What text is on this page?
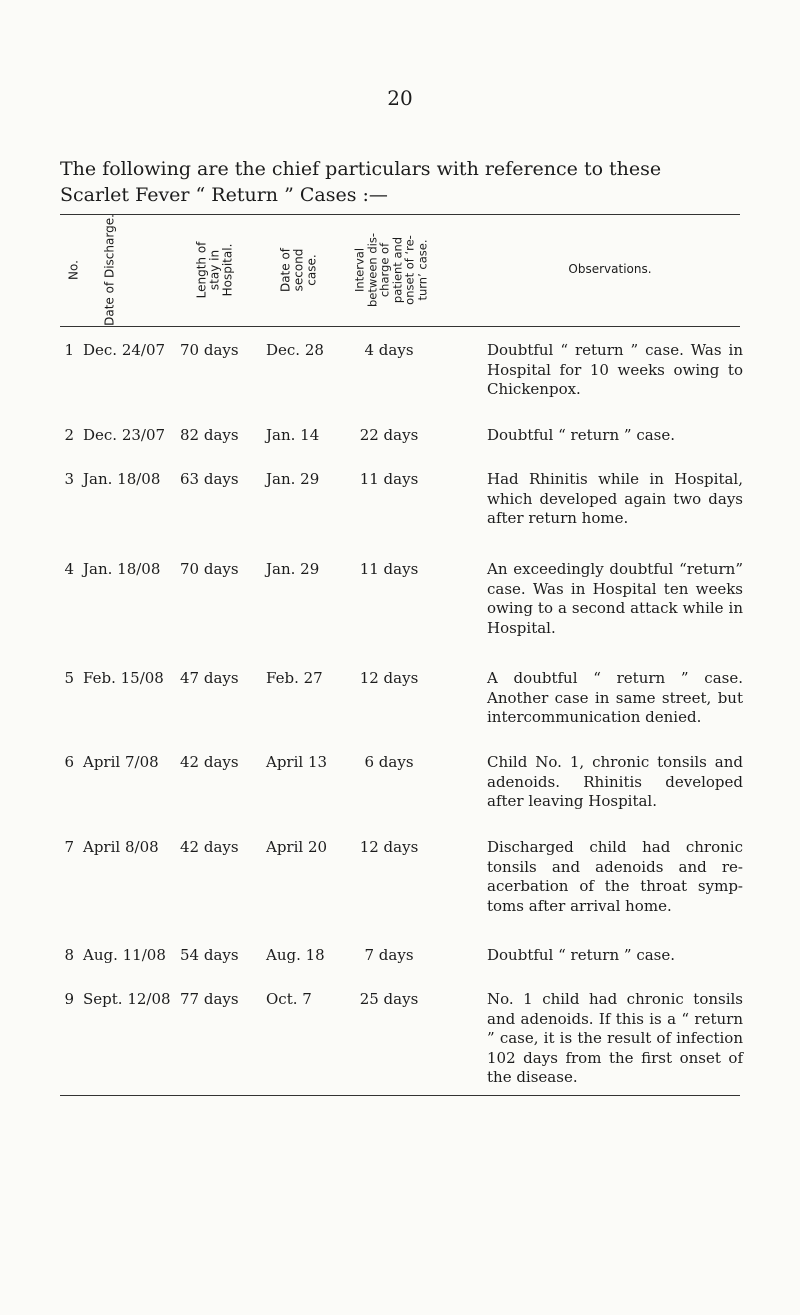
20
The following are the chief particulars with reference to these
Scarlet Fever “ Return ” Cases :—
No. Date of Discharge.	Length of stay in Hospital.	Date of second case.	Interval
between dis-
charge of
patient and
onset of ‘re-
turn’ case.	Observations.
1 Dec. 24/07 70 days Dec. 28	4 days	Doubtful “ return ” case. Was in Hospital for 10 weeks owing to Chickenpox.
2 Dec. 23/07 82 days Jan. 14	22 days	Doubtful “ return ” case.
3 Jan. 18/08 63 days Jan. 29	11 days	Had Rhinitis while in Hospital, which developed again two days after return home.
4 Jan. 18/08 70 days Jan. 29	11 days	An exceedingly doubtful “return” case. Was in Hospital ten weeks owing to a second attack while in Hospital.
5 Feb. 15/08 47 days Feb. 27	12 days	A doubtful “ return ” case. Another case in same street, but intercommunication denied.
6 April 7/08 42 days April 13	6 days	Child No. 1, chronic tonsils and adenoids. Rhinitis developed after leaving Hospital.
7 April 8/08 42 days April 20	12 days	Discharged child had chronic tonsils and adenoids and re- acerbation of the throat symp- toms after arrival home.
8 Aug. 11/08 54 days Aug. 18	7 days	Doubtful “ return ” case.
9 Sept. 12/08 77 days Oct. 7	25 days	No. 1 child had chronic tonsils and adenoids. If this is a “ return ” case, it is the result of infection 102 days from the first onset of the disease.
